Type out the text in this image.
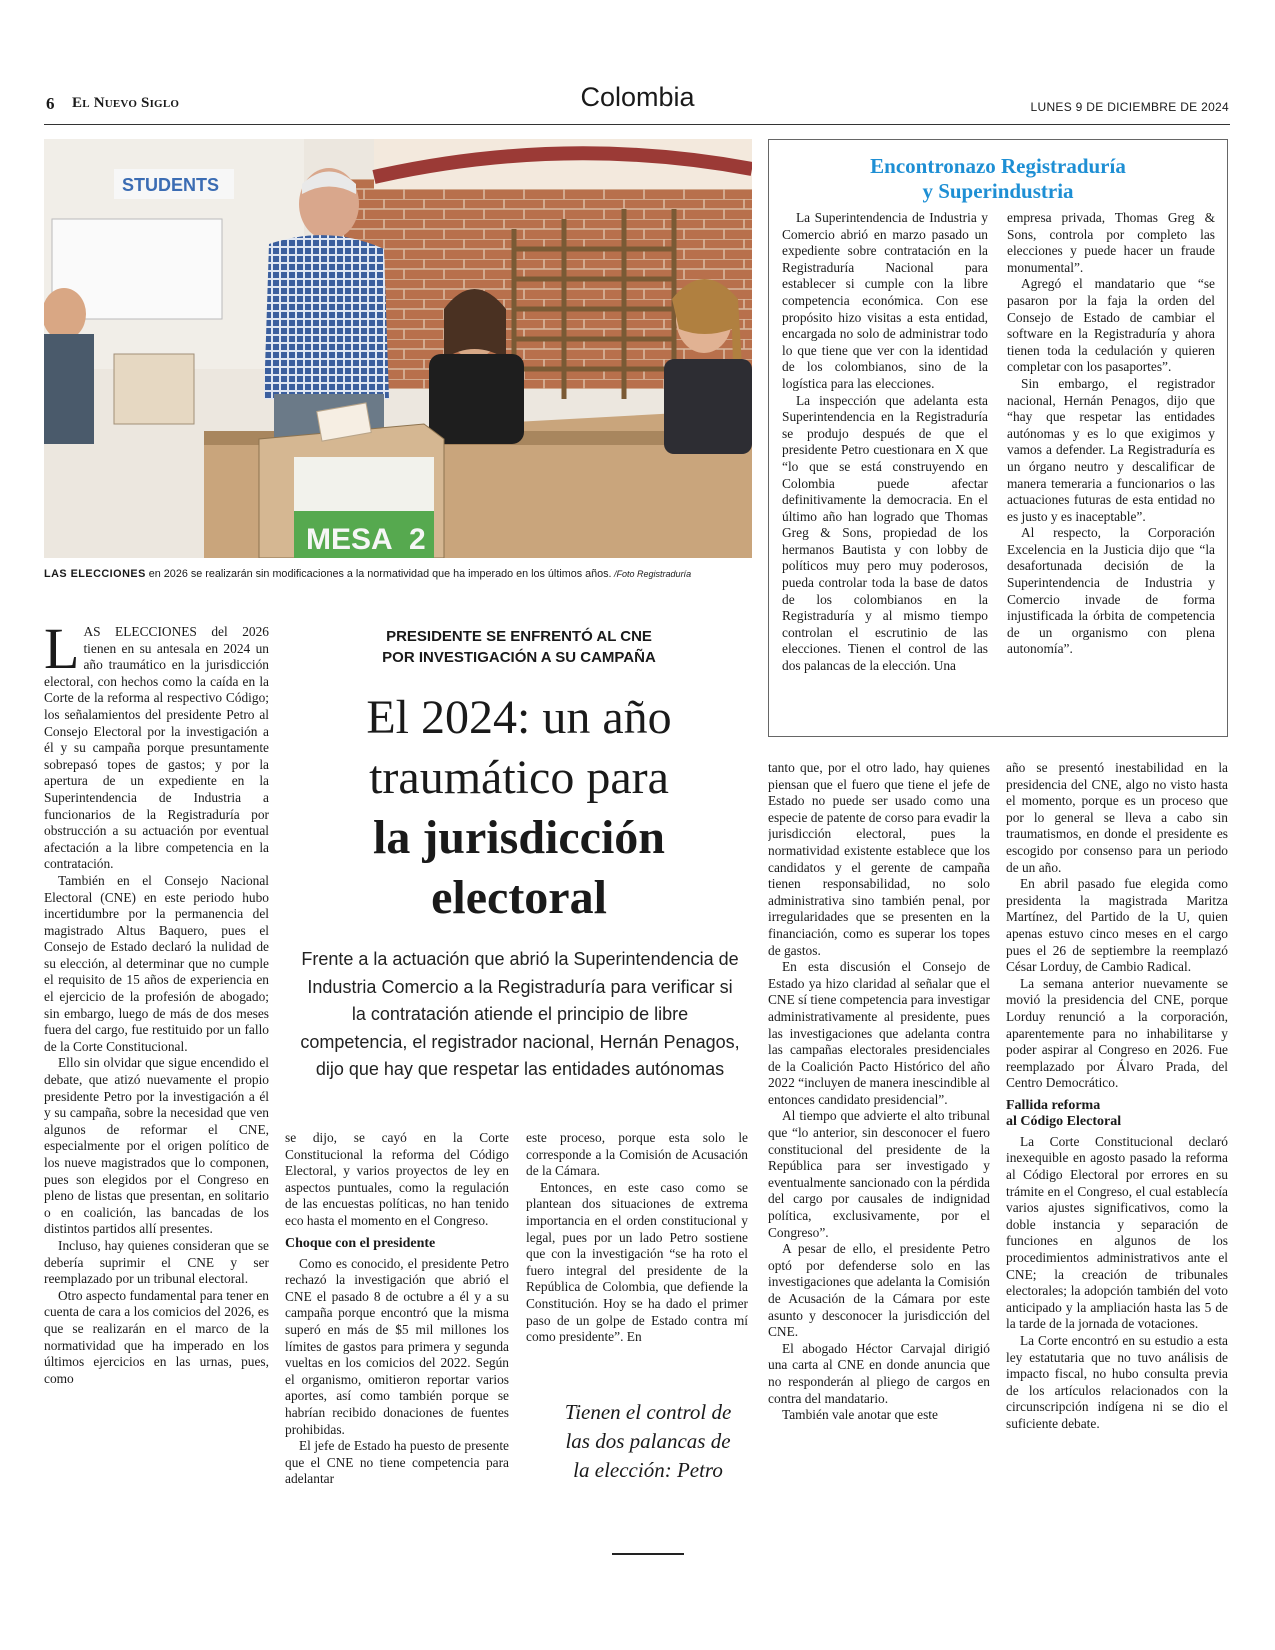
6 El Nuevo Siglo	Colombia	LUNES 9 DE DICIEMBRE DE 2024
STUDENTS
MESA 2
LAS ELECCIONES en 2026 se realizarán sin modificaciones a la normatividad que ha imperado en los últimos años. /Foto Registraduría
Encontronazo Registraduría
y Superindustria

La Superintendencia de Industria y Comercio abrió en marzo pasado un expediente sobre contratación en la Registraduría Nacional para establecer si cumple con la libre competencia económica. Con ese propósito hizo visitas a esta entidad, encargada no solo de administrar todo lo que tiene que ver con la identidad de los colombianos, sino de la logística para las elecciones.

La inspección que adelanta esta Superintendencia en la Registraduría se produjo después de que el presidente Petro cuestionara en X que “lo que se está construyendo en Colombia puede afectar definitivamente la democracia. En el último año han logrado que Thomas Greg & Sons, propiedad de los hermanos Bautista y con lobby de políticos muy pero muy poderosos, pueda controlar toda la base de datos de los colombianos en la Registraduría y al mismo tiempo controlan el escrutinio de las elecciones. Tienen el control de las dos palancas de la elección. Una

empresa privada, Thomas Greg & Sons, controla por completo las elecciones y puede hacer un fraude monumental”.

Agregó el mandatario que “se pasaron por la faja la orden del Consejo de Estado de cambiar el software en la Registraduría y ahora tienen toda la cedulación y quieren completar con los pasaportes”.

Sin embargo, el registrador nacional, Hernán Penagos, dijo que “hay que respetar las entidades autónomas y es lo que exigimos y vamos a defender. La Registraduría es un órgano neutro y descalificar de manera temeraria a funcionarios o las actuaciones futuras de esta entidad no es justo y es inaceptable”.

Al respecto, la Corporación Excelencia en la Justicia dijo que “la desafortunada decisión de la Superintendencia de Industria y Comercio invade de forma injustificada la órbita de competencia de un organismo con plena autonomía”.

PRESIDENTE SE ENFRENTÓ AL CNE
POR INVESTIGACIÓN A SU CAMPAÑA
El 2024: un año
traumático para
la jurisdicción
electoral
Frente a la actuación que abrió la Superintendencia de Industria Comercio a la Registraduría para verificar si la contratación atiende el principio de libre competencia, el registrador nacional, Hernán Penagos, dijo que hay que respetar las entidades autónomas

LAS ELECCIONES del 2026 tienen en su antesala en 2024 un año traumático en la jurisdicción electoral, con hechos como la caída en la Corte de la reforma al respectivo Código; los señalamientos del presidente Petro al Consejo Electoral por la investigación a él y su campaña porque presuntamente sobrepasó topes de gastos; y por la apertura de un expediente en la Superintendencia de Industria a funcionarios de la Registraduría por obstrucción a su actuación por eventual afectación a la libre competencia en la contratación.

También en el Consejo Nacional Electoral (CNE) en este periodo hubo incertidumbre por la permanencia del magistrado Altus Baquero, pues el Consejo de Estado declaró la nulidad de su elección, al determinar que no cumple el requisito de 15 años de experiencia en el ejercicio de la profesión de abogado; sin embargo, luego de más de dos meses fuera del cargo, fue restituido por un fallo de la Corte Constitucional.

Ello sin olvidar que sigue encendido el debate, que atizó nuevamente el propio presidente Petro por la investigación a él y su campaña, sobre la necesidad que ven algunos de reformar el CNE, especialmente por el origen político de los nueve magistrados que lo componen, pues son elegidos por el Congreso en pleno de listas que presentan, en solitario o en coalición, las bancadas de los distintos partidos allí presentes.

Incluso, hay quienes consideran que se debería suprimir el CNE y ser reemplazado por un tribunal electoral.

Otro aspecto fundamental para tener en cuenta de cara a los comicios del 2026, es que se realizarán en el marco de la normatividad que ha imperado en los últimos ejercicios en las urnas, pues, como

se dijo, se cayó en la Corte Constitucional la reforma del Código Electoral, y varios proyectos de ley en aspectos puntuales, como la regulación de las encuestas políticas, no han tenido eco hasta el momento en el Congreso.

Choque con el presidente

Como es conocido, el presidente Petro rechazó la investigación que abrió el CNE el pasado 8 de octubre a él y a su campaña porque encontró que la misma superó en más de $5 mil millones los límites de gastos para primera y segunda vueltas en los comicios del 2022. Según el organismo, omitieron reportar varios aportes, así como también porque se habrían recibido donaciones de fuentes prohibidas.

El jefe de Estado ha puesto de presente que el CNE no tiene competencia para adelantar

este proceso, porque esta solo le corresponde a la Comisión de Acusación de la Cámara.

Entonces, en este caso como se plantean dos situaciones de extrema importancia en el orden constitucional y legal, pues por un lado Petro sostiene que con la investigación “se ha roto el fuero integral del presidente de la República de Colombia, que defiende la Constitución. Hoy se ha dado el primer paso de un golpe de Estado contra mí como presidente”. En

Tienen el control de las dos palancas de la elección: Petro

tanto que, por el otro lado, hay quienes piensan que el fuero que tiene el jefe de Estado no puede ser usado como una especie de patente de corso para evadir la jurisdicción electoral, pues la normatividad existente establece que los candidatos y el gerente de campaña tienen responsabilidad, no solo administrativa sino también penal, por irregularidades que se presenten en la financiación, como es superar los topes de gastos.

En esta discusión el Consejo de Estado ya hizo claridad al señalar que el CNE sí tiene competencia para investigar administrativamente al presidente, pues las investigaciones que adelanta contra las campañas electorales presidenciales de la Coalición Pacto Histórico del año 2022 “incluyen de manera inescindible al entonces candidato presidencial”.

Al tiempo que advierte el alto tribunal que “lo anterior, sin desconocer el fuero constitucional del presidente de la República para ser investigado y eventualmente sancionado con la pérdida del cargo por causales de indignidad política, exclusivamente, por el Congreso”.

A pesar de ello, el presidente Petro optó por defenderse solo en las investigaciones que adelanta la Comisión de Acusación de la Cámara por este asunto y desconocer la jurisdicción del CNE.

El abogado Héctor Carvajal dirigió una carta al CNE en donde anuncia que no responderán al pliego de cargos en contra del mandatario.

También vale anotar que este

año se presentó inestabilidad en la presidencia del CNE, algo no visto hasta el momento, porque es un proceso que por lo general se lleva a cabo sin traumatismos, en donde el presidente es escogido por consenso para un periodo de un año.

En abril pasado fue elegida como presidenta la magistrada Maritza Martínez, del Partido de la U, quien apenas estuvo cinco meses en el cargo pues el 26 de septiembre la reemplazó César Lorduy, de Cambio Radical.

La semana anterior nuevamente se movió la presidencia del CNE, porque Lorduy renunció a la corporación, aparentemente para no inhabilitarse y poder aspirar al Congreso en 2026. Fue reemplazado por Álvaro Prada, del Centro Democrático.

Fallida reforma
al Código Electoral

La Corte Constitucional declaró inexequible en agosto pasado la reforma al Código Electoral por errores en su trámite en el Congreso, el cual establecía varios ajustes significativos, como la doble instancia y separación de funciones en algunos de los procedimientos administrativos ante el CNE; la creación de tribunales electorales; la adopción también del voto anticipado y la ampliación hasta las 5 de la tarde de la jornada de votaciones.

La Corte encontró en su estudio a esta ley estatutaria que no tuvo análisis de impacto fiscal, no hubo consulta previa de los artículos relacionados con la circunscripción indígena ni se dio el suficiente debate.
